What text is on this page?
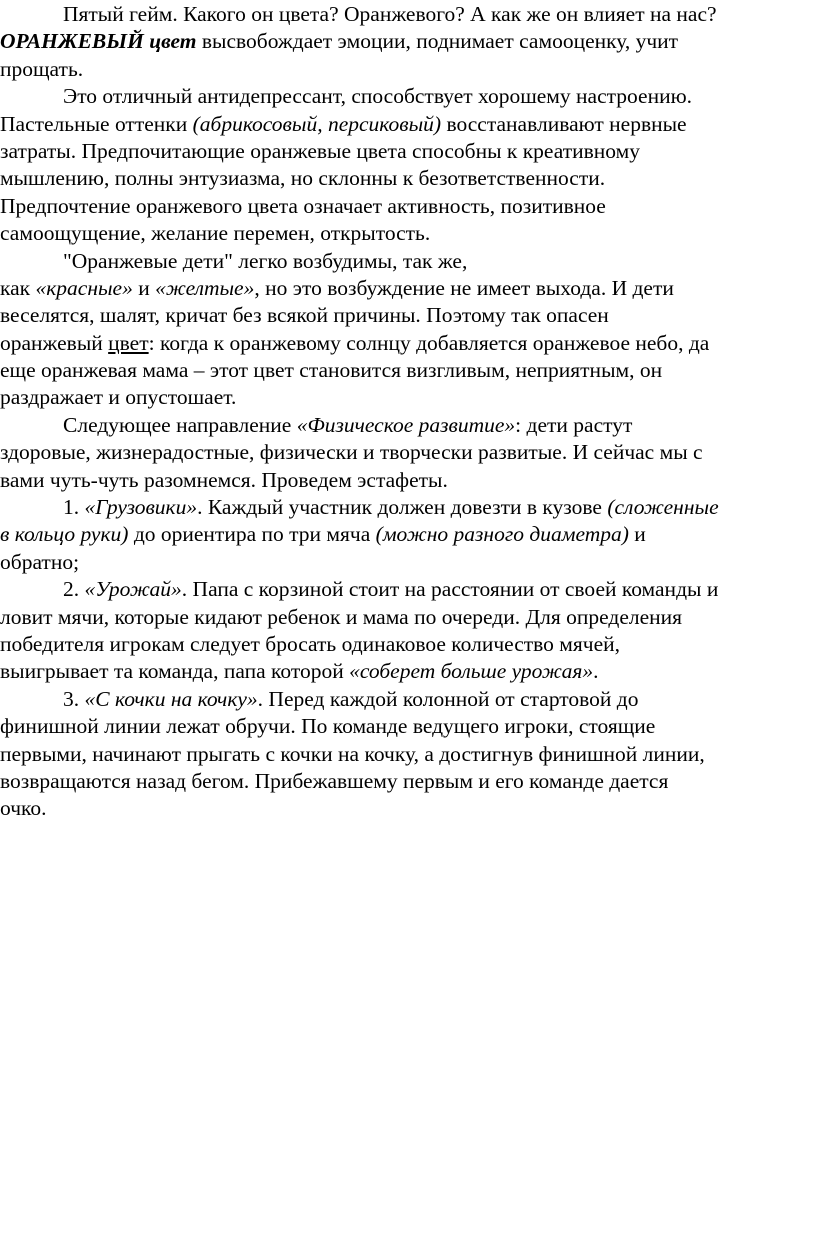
Пятый гейм. Какого он цвета? Оранжевого? А как же он влияет на нас?
ОРАНЖЕВЫЙ цвет высвобождает эмоции, поднимает самооценку, учит
прощать.
Это отличный антидепрессант, способствует хорошему настроению.
Пастельные оттенки (абрикосовый, персиковый) восстанавливают нервные
затраты. Предпочитающие оранжевые цвета способны к креативному
мышлению, полны энтузиазма, но склонны к безответственности.
Предпочтение оранжевого цвета означает активность, позитивное
самоощущение, желание перемен, открытость.
"Оранжевые дети" легко возбудимы, так же,
как «красные» и «желтые», но это возбуждение не имеет выхода. И дети
веселятся, шалят, кричат без всякой причины. Поэтому так опасен
оранжевый цвет: когда к оранжевому солнцу добавляется оранжевое небо, да
еще оранжевая мама – этот цвет становится визгливым, неприятным, он
раздражает и опустошает.
Следующее направление «Физическое развитие»: дети растут
здоровые, жизнерадостные, физически и творчески развитые. И сейчас мы с
вами чуть-чуть разомнемся. Проведем эстафеты.
1. «Грузовики». Каждый участник должен довезти в кузове (сложенные
в кольцо руки) до ориентира по три мяча (можно разного диаметра) и
обратно;
2. «Урожай». Папа с корзиной стоит на расстоянии от своей команды и
ловит мячи, которые кидают ребенок и мама по очереди. Для определения
победителя игрокам следует бросать одинаковое количество мячей,
выигрывает та команда, папа которой «соберет больше урожая».
3. «С кочки на кочку». Перед каждой колонной от стартовой до
финишной линии лежат обручи. По команде ведущего игроки, стоящие
первыми, начинают прыгать с кочки на кочку, а достигнув финишной линии,
возвращаются назад бегом. Прибежавшему первым и его команде дается
очко.
